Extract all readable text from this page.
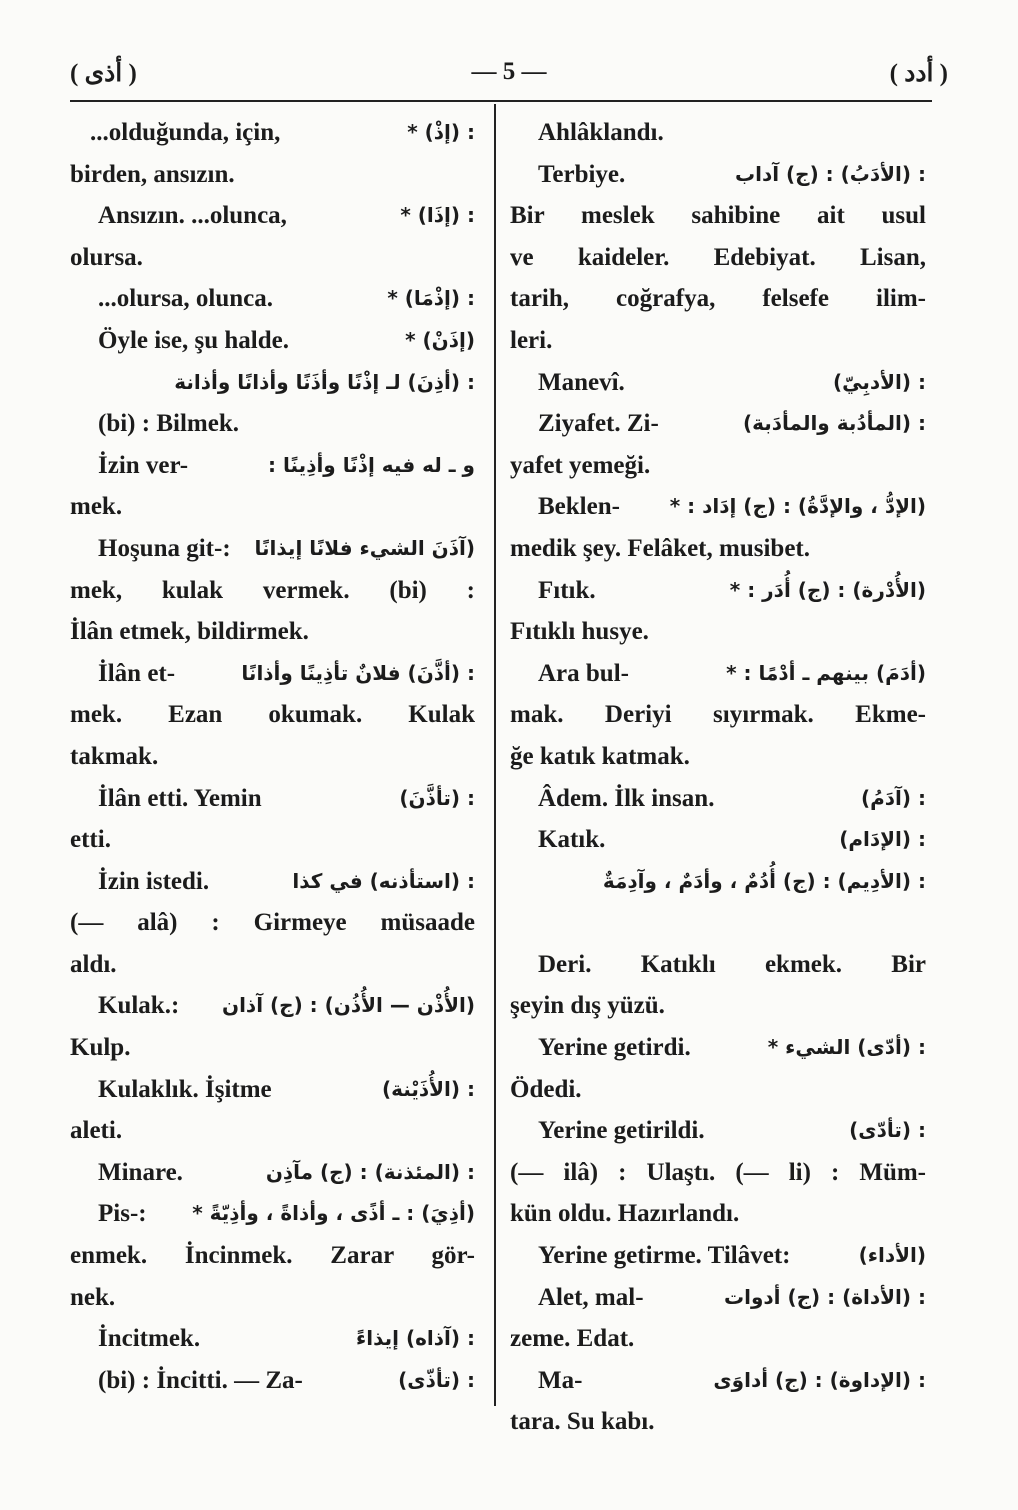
( أذى )	— 5 —	( أدد )
...olduğunda, için,	: (إذْ) *
birden, ansızın.
Ansızın. ...olunca,	: (إذَا) *
olursa.
...olursa, olunca.	: (إذْمَا) *
Öyle ise, şu halde.	(إذَنْ) *
: (أذِنَ) لـ إذْنًا وأذَنًا وأذانًا وأذانة
(bi) : Bilmek.
İzin ver-	و ـ له فيه إذْنًا وأذِينًا :
mek.
Hoşuna git-: (آذَنَ الشيء فلانًا إيذانًا
mek, kulak vermek. (bi) :
İlân etmek, bildirmek.
İlân et-	: (أذَّنَ) فلانٌ تأذِينًا وأذانًا
mek. Ezan okumak. Kulak
takmak.
İlân etti. Yemin	: (تأذَّنَ)
etti.
İzin istedi.	: (استأذنه) في كذا
(— alâ) : Girmeye müsaade
aldı.
Kulak.: (الأُذْن — الأُذُن) : (ج) آذان
Kulp.
Kulaklık. İşitme	: (الأُذَيْنة)
aleti.
Minare.	: (المئذنة) : (ج) مآذِن
Pis-: (أذِيَ) : ـ أذًى ، وأذاةً ، وأذِيّةً *
enmek. İncinmek. Zarar gör-
nek.
İncitmek.	: (آذاه) إيذاءً
(bi) : İncitti. — Za-	: (تأذّى)
Ahlâklandı.
Terbiye.	: (الأدَبُ) : (ج) آداب
Bir meslek sahibine ait usul
ve kaideler. Edebiyat. Lisan,
tarih, coğrafya, felsefe ilim-
leri.
Manevî.	: (الأدبِيّ)
Ziyafet. Zi-	: (المأدُبة والمأدَبة)
yafet yemeği.
Beklen- (الإدُّ ، والإدَّةُ) : (ج) إدَاد : *
medik şey. Felâket, musibet.
Fıtık.	(الأُدْرة) : (ج) أُدَر : *
Fıtıklı husye.
Ara bul-	(أدَمَ) بينهم ـ أدْمًا : *
mak. Deriyi sıyırmak. Ekme-
ğe katık katmak.
Âdem. İlk insan.	: (آدَمُ)
Katık.	: (الإدَام)
: (الأدِيم) : (ج) أُدُمٌ ، وأدَمٌ ، وآدِمَةٌ
Deri. Katıklı ekmek. Bir
şeyin dış yüzü.
Yerine getirdi.	: (أدّى) الشيء *
Ödedi.
Yerine getirildi.	: (تأدّى)
(— ilâ) : Ulaştı. (— li) : Müm-
kün oldu. Hazırlandı.
Yerine getirme. Tilâvet:	(الأداء)
Alet, mal-	: (الأداة) : (ج) أدوات
zeme. Edat.
Ma-	: (الإداوة) : (ج) أداوَى
tara. Su kabı.
